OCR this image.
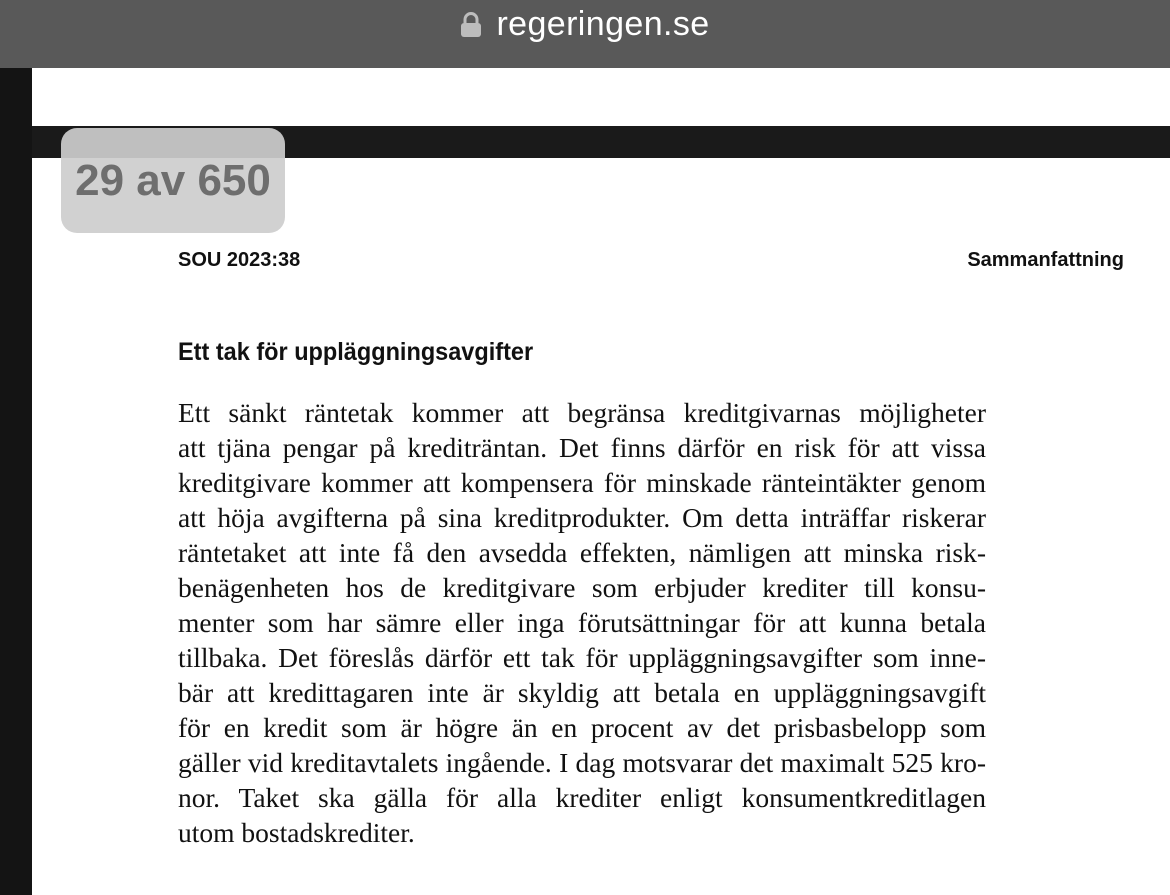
regeringen.se
29 av 650
SOU 2023:38	Sammanfattning
Ett tak för uppläggningsavgifter
Ett sänkt räntetak kommer att begränsa kreditgivarnas möjligheter
att tjäna pengar på krediträntan. Det finns därför en risk för att vissa
kreditgivare kommer att kompensera för minskade ränteintäkter genom
att höja avgifterna på sina kreditprodukter. Om detta inträffar riskerar
räntetaket att inte få den avsedda effekten, nämligen att minska risk-
benägenheten hos de kreditgivare som erbjuder krediter till konsu-
menter som har sämre eller inga förutsättningar för att kunna betala
tillbaka. Det föreslås därför ett tak för uppläggningsavgifter som inne-
bär att kredittagaren inte är skyldig att betala en uppläggningsavgift
för en kredit som är högre än en procent av det prisbasbelopp som
gäller vid kreditavtalets ingående. I dag motsvarar det maximalt 525 kro-
nor. Taket ska gälla för alla krediter enligt konsumentkreditlagen
utom bostadskrediter.
